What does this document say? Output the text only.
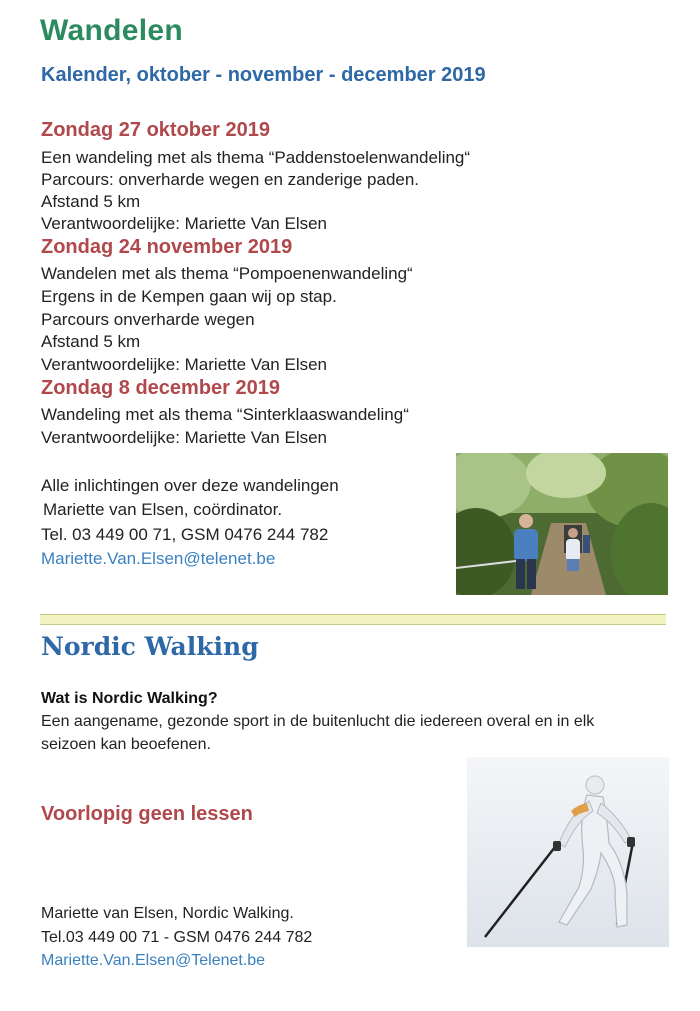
Wandelen
Kalender, oktober - november - december 2019
Zondag 27 oktober 2019
Een wandeling met als thema “Paddenstoelenwandeling“
Parcours: onverharde wegen en zanderige paden.
Afstand 5 km
Verantwoordelijke: Mariette Van Elsen
Zondag 24 november 2019
Wandelen met als thema “Pompoenenwandeling“
Ergens in de Kempen gaan wij op stap.
Parcours onverharde wegen
Afstand 5 km
Verantwoordelijke: Mariette Van Elsen
Zondag 8 december 2019
Wandeling met als thema “Sinterklaaswandeling“
Verantwoordelijke: Mariette Van Elsen
Alle inlichtingen over deze wandelingen
Mariette van Elsen, coördinator.
Tel. 03 449 00 71, GSM 0476 244 782
Mariette.Van.Elsen@telenet.be
Nordic Walking
Wat is Nordic Walking?
Een aangename, gezonde sport in de buitenlucht die iedereen overal en in elk
seizoen kan beoefenen.
Voorlopig geen lessen
Mariette van Elsen, Nordic Walking.
Tel.03 449 00 71 - GSM 0476 244 782
Mariette.Van.Elsen@Telenet.be
